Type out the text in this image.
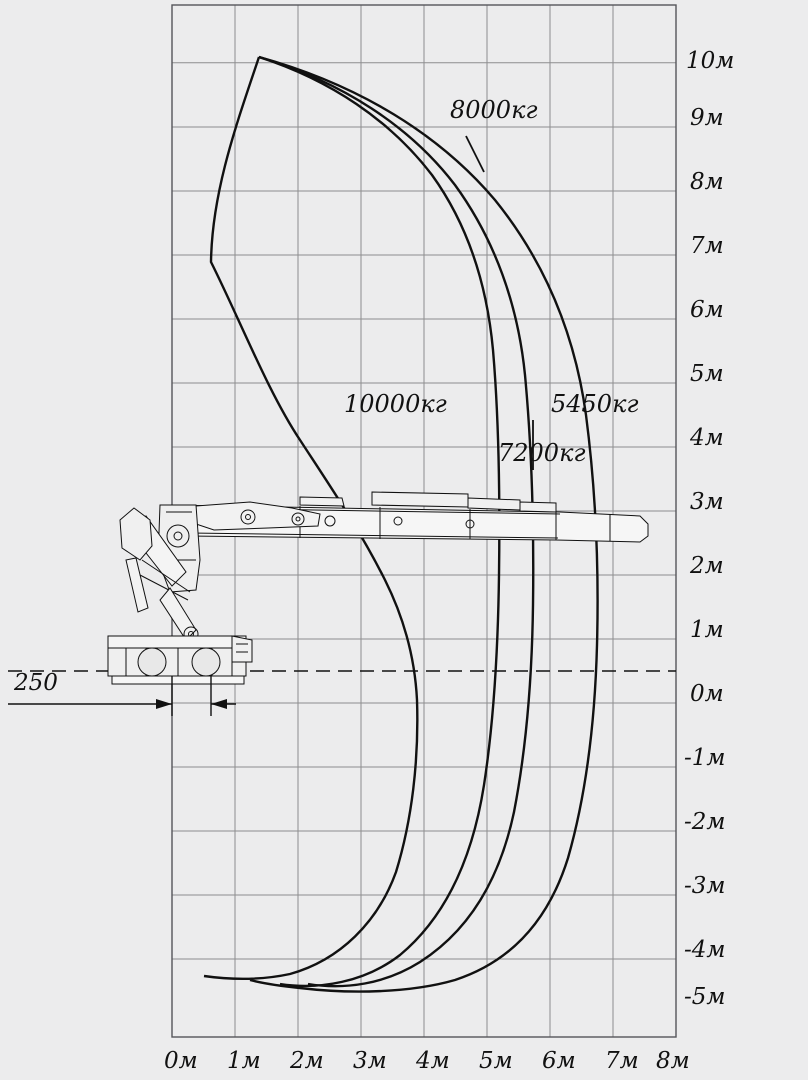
8000кг
10000кг
7200кг
5450кг
250
10м
9м
8м
7м
6м
5м
4м
3м
2м
1м
0м
-1м
-2м
-3м
-4м
-5м
0м 1м 2м 3м 4м 5м 6м 7м 8м
